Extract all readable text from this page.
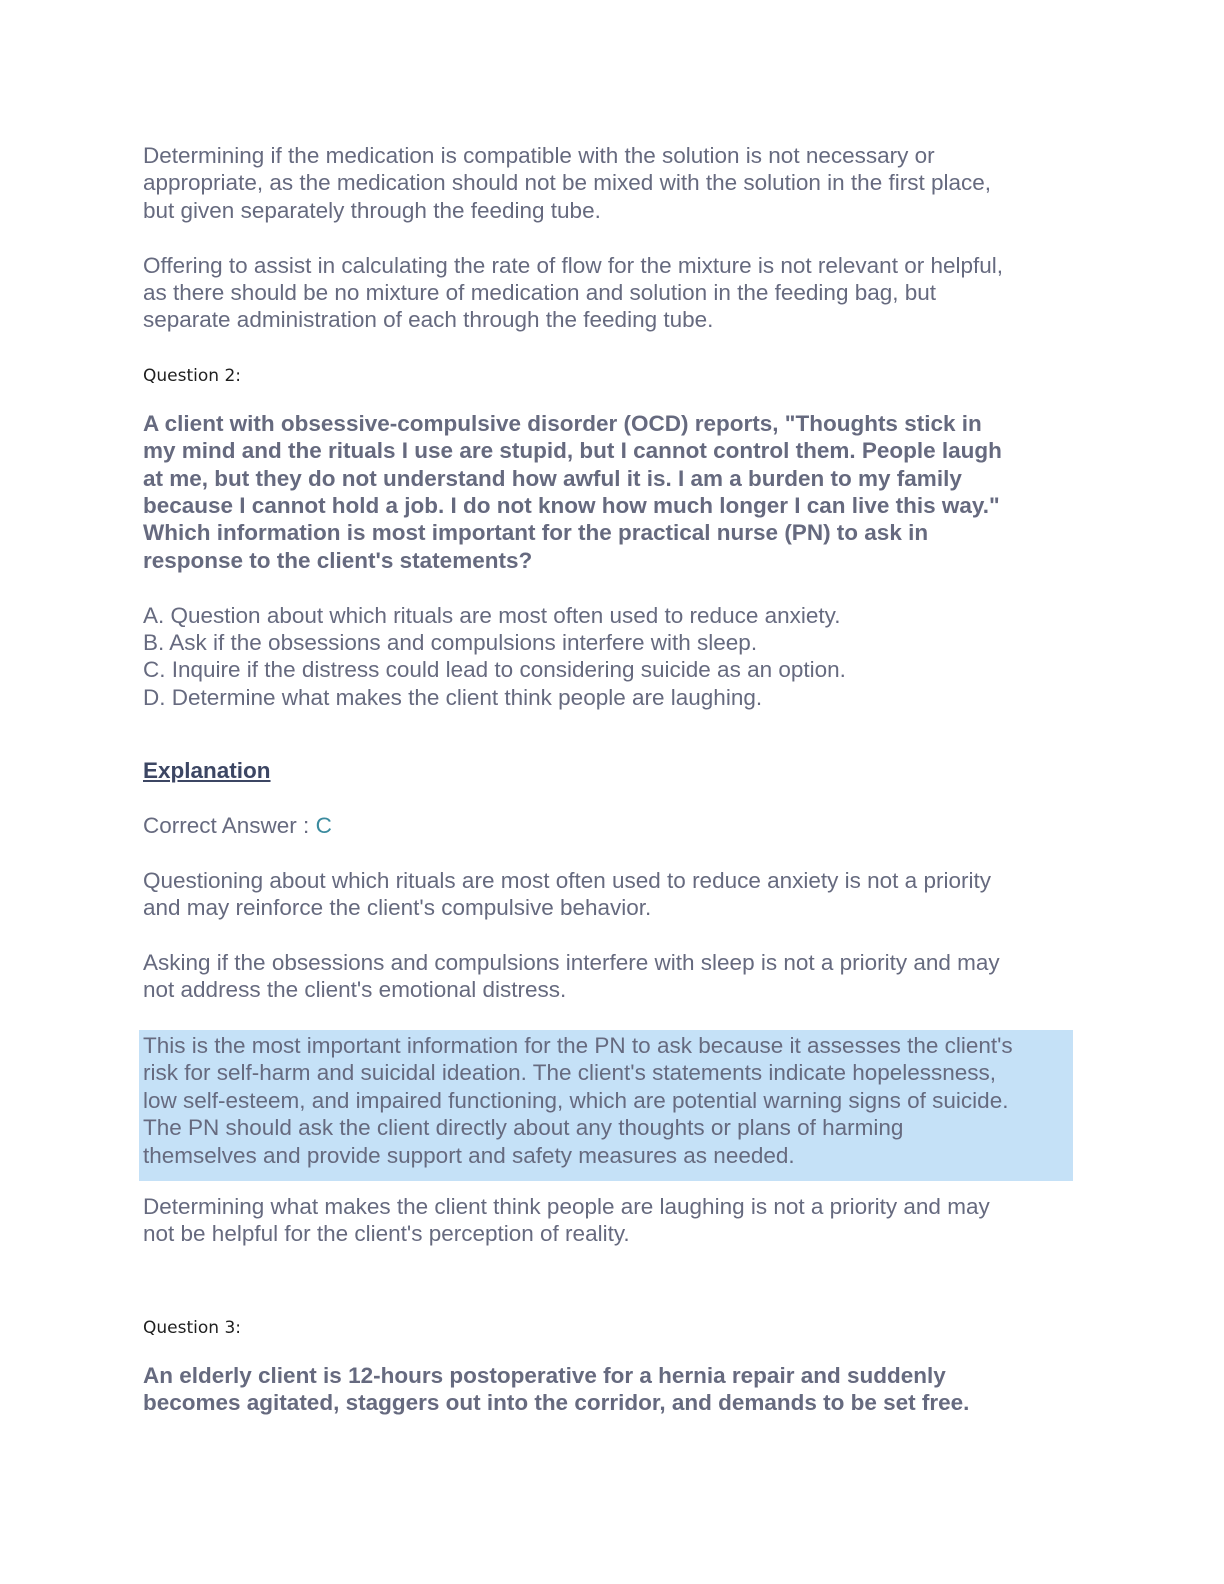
Determining if the medication is compatible with the solution is not necessary or
appropriate, as the medication should not be mixed with the solution in the first place,
but given separately through the feeding tube.
Offering to assist in calculating the rate of flow for the mixture is not relevant or helpful,
as there should be no mixture of medication and solution in the feeding bag, but
separate administration of each through the feeding tube.
Question 2:
A client with obsessive-compulsive disorder (OCD) reports, "Thoughts stick in
my mind and the rituals I use are stupid, but I cannot control them. People laugh
at me, but they do not understand how awful it is. I am a burden to my family
because I cannot hold a job. I do not know how much longer I can live this way."
Which information is most important for the practical nurse (PN) to ask in
response to the client's statements?
A. Question about which rituals are most often used to reduce anxiety.
B. Ask if the obsessions and compulsions interfere with sleep.
C. Inquire if the distress could lead to considering suicide as an option.
D. Determine what makes the client think people are laughing.
Explanation
Correct Answer : C
Questioning about which rituals are most often used to reduce anxiety is not a priority
and may reinforce the client's compulsive behavior.
Asking if the obsessions and compulsions interfere with sleep is not a priority and may
not address the client's emotional distress.
This is the most important information for the PN to ask because it assesses the client's
risk for self-harm and suicidal ideation. The client's statements indicate hopelessness,
low self-esteem, and impaired functioning, which are potential warning signs of suicide.
The PN should ask the client directly about any thoughts or plans of harming
themselves and provide support and safety measures as needed.
Determining what makes the client think people are laughing is not a priority and may
not be helpful for the client's perception of reality.
Question 3:
An elderly client is 12-hours postoperative for a hernia repair and suddenly
becomes agitated, staggers out into the corridor, and demands to be set free.
